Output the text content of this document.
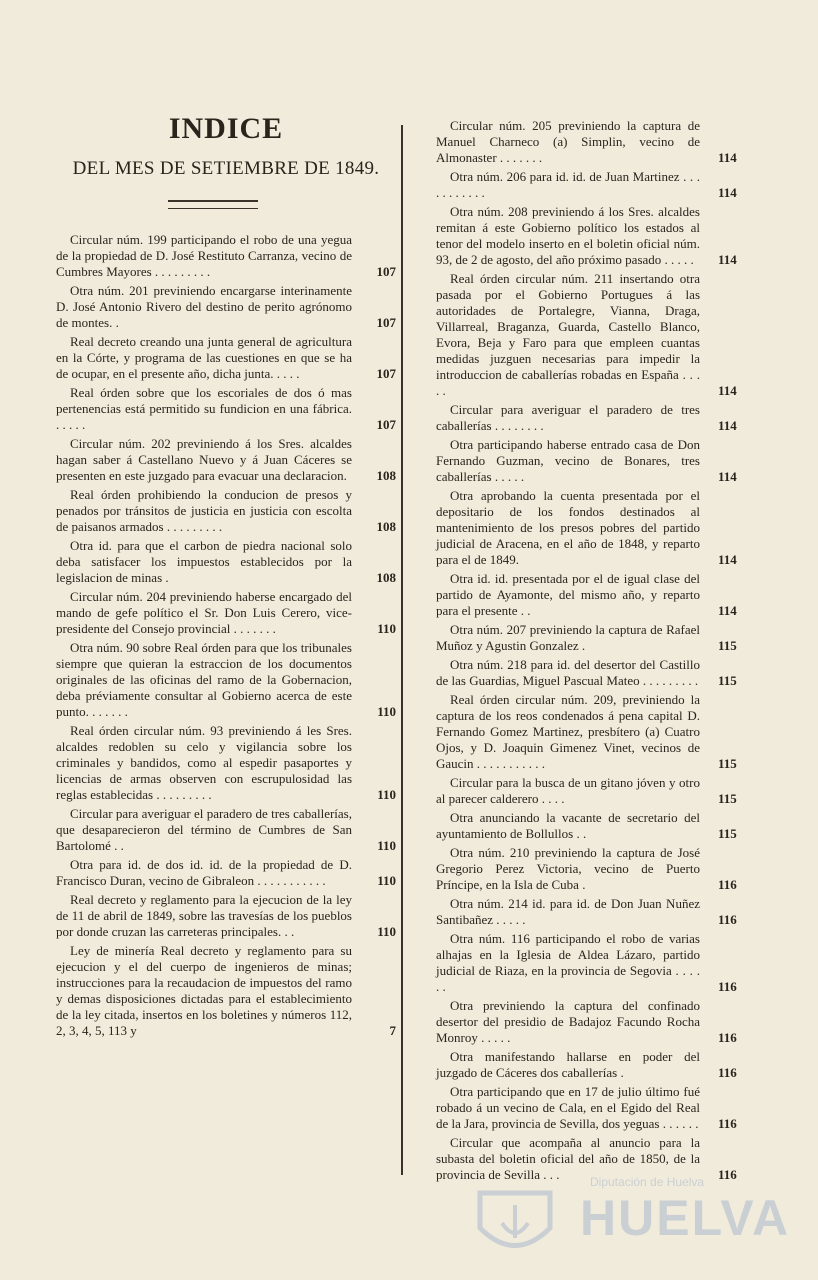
INDICE

DEL MES DE SETIEMBRE DE 1849.

Circular núm. 199 participando el robo de una yegua de la propiedad de D. José Restituto Carranza, vecino de Cumbres Mayores . . . . . . . . .	107

Otra núm. 201 previniendo encargarse interinamente D. José Antonio Rivero del destino de perito agrónomo de montes. .	107

Real decreto creando una junta general de agricultura en la Córte, y programa de las cuestiones en que se ha de ocupar, en el presente año, dicha junta. . . . .	107

Real órden sobre que los escoriales de dos ó mas pertenencias está permitido su fundicion en una fábrica. . . . . .	107

Circular núm. 202 previniendo á los Sres. alcaldes hagan saber á Castellano Nuevo y á Juan Cáceres se presenten en este juzgado para evacuar una declaracion.	108

Real órden prohibiendo la conducion de presos y penados por tránsitos de justicia en justicia con escolta de paisanos armados . . . . . . . . .	108

Otra id. para que el carbon de piedra nacional solo deba satisfacer los impuestos establecidos por la legislacion de minas .	108

Circular núm. 204 previniendo haberse encargado del mando de gefe político el Sr. Don Luis Cerero, vice-presidente del Consejo provincial . . . . . . .	110

Otra núm. 90 sobre Real órden para que los tribunales siempre que quieran la estraccion de los documentos originales de las oficinas del ramo de la Gobernacion, deba préviamente consultar al Gobierno acerca de este punto. . . . . . .	110

Real órden circular núm. 93 previniendo á les Sres. alcaldes redoblen su celo y vigilancia sobre los criminales y bandidos, como al espedir pasaportes y licencias de armas observen con escrupulosidad las reglas establecidas . . . . . . . . .	110

Circular para averiguar el paradero de tres caballerías, que desaparecieron del término de Cumbres de San Bartolomé . .	110

Otra para id. de dos id. id. de la propiedad de D. Francisco Duran, vecino de Gibraleon . . . . . . . . . . .	110

Real decreto y reglamento para la ejecucion de la ley de 11 de abril de 1849, sobre las travesías de los pueblos por donde cruzan las carreteras principales. . .	110

Ley de minería Real decreto y reglamento para su ejecucion y el del cuerpo de ingenieros de minas; instrucciones para la recaudacion de impuestos del ramo y demas disposiciones dictadas para el establecimiento de la ley citada, insertos en los boletines y números 112, 2, 3, 4, 5, 113 y	7

Circular núm. 205 previniendo la captura de Manuel Charneco (a) Simplin, vecino de Almonaster . . . . . . .	114

Otra núm. 206 para id. id. de Juan Martinez . . . . . . . . . . .	114

Otra núm. 208 previniendo á los Sres. alcaldes remitan á este Gobierno político los estados al tenor del modelo inserto en el boletin oficial núm. 93, de 2 de agosto, del año próximo pasado . . . . .	114

Real órden circular núm. 211 insertando otra pasada por el Gobierno Portugues á las autoridades de Portalegre, Vianna, Draga, Villarreal, Braganza, Guarda, Castello Blanco, Evora, Beja y Faro para que empleen cuantas medidas juzguen necesarias para impedir la introduccion de caballerías robadas en España . . . . .	114

Circular para averiguar el paradero de tres caballerías . . . . . . . .	114

Otra participando haberse entrado casa de Don Fernando Guzman, vecino de Bonares, tres caballerías . . . . .	114

Otra aprobando la cuenta presentada por el depositario de los fondos destinados al mantenimiento de los presos pobres del partido judicial de Aracena, en el año de 1848, y reparto para el de 1849.	114

Otra id. id. presentada por el de igual clase del partido de Ayamonte, del mismo año, y reparto para el presente . .	114

Otra núm. 207 previniendo la captura de Rafael Muñoz y Agustin Gonzalez .	115

Otra núm. 218 para id. del desertor del Castillo de las Guardias, Miguel Pascual Mateo . . . . . . . . .	115

Real órden circular núm. 209, previniendo la captura de los reos condenados á pena capital D. Fernando Gomez Martinez, presbítero (a) Cuatro Ojos, y D. Joaquin Gimenez Vinet, vecinos de Gaucin . . . . . . . . . . .	115

Circular para la busca de un gitano jóven y otro al parecer calderero . . . .	115

Otra anunciando la vacante de secretario del ayuntamiento de Bollullos . .	115

Otra núm. 210 previniendo la captura de José Gregorio Perez Victoria, vecino de Puerto Príncipe, en la Isla de Cuba .	116

Otra núm. 214 id. para id. de Don Juan Nuñez Santibañez . . . . .	116

Otra núm. 116 participando el robo de varias alhajas en la Iglesia de Aldea Lázaro, partido judicial de Riaza, en la provincia de Segovia . . . . . .	116

Otra previniendo la captura del confinado desertor del presidio de Badajoz Facundo Rocha Monroy . . . . .	116

Otra manifestando hallarse en poder del juzgado de Cáceres dos caballerías .	116

Otra participando que en 17 de julio último fué robado á un vecino de Cala, en el Egido del Real de la Jara, provincia de Sevilla, dos yeguas . . . . . .	116

Circular que acompaña al anuncio para la subasta del boletin oficial del año de 1850, de la provincia de Sevilla . . .	116

Diputación de Huelva
HUELVA
